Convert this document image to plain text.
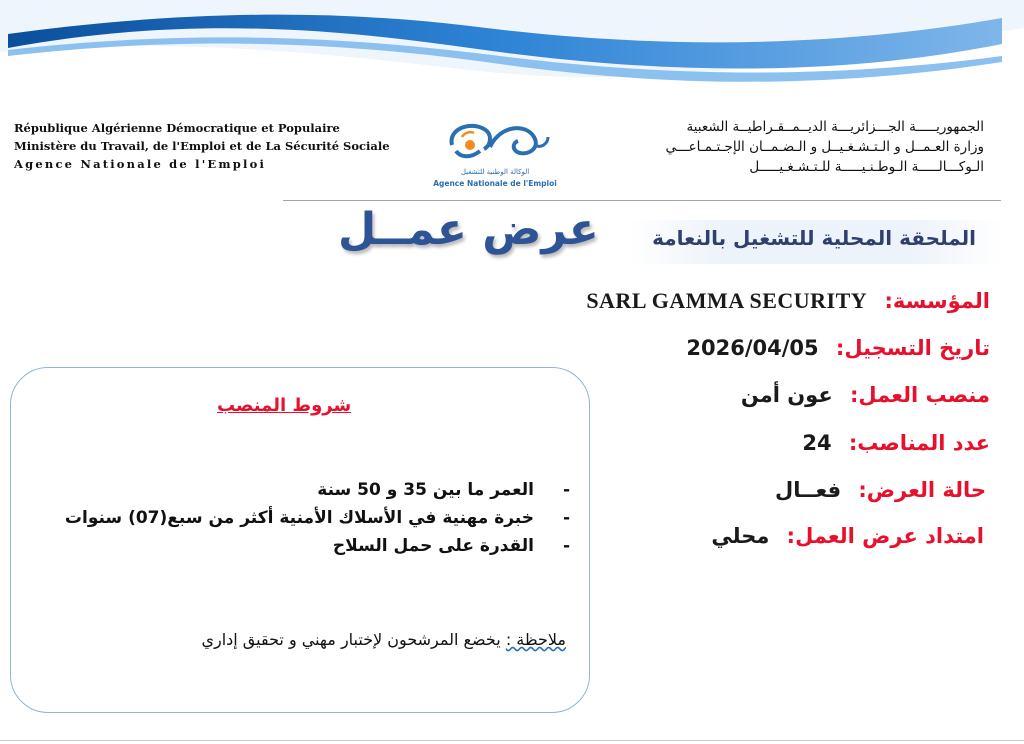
République Algérienne Démocratique et Populaire
Ministère du Travail, de l'Emploi et de La Sécurité Sociale
Agence Nationale de l'Emploi
الوكالة الوطنية للتشغيل
Agence Nationale de l'Emploi
الجمهوريـــــة الجـــزائريـــة الديــمــقـراطيــة الشعبية
وزارة العـمــل و الـتـشـغـيــل و الـضـمــان الإجـتـمـاعـــي
الـوكـــالـــــة الـوطـنـيـــــة للـتـشـغـيـــــل
الملحقة المحلية للتشغيل بالنعامة
عرض عمــل
المؤسسة: SARL GAMMA SECURITY
تاريخ التسجيل: 2026/04/05
منصب العمل: عون أمن
عدد المناصب: 24
حالة العرض: فعــال
امتداد عرض العمل: محلي
شروط المنصب
-العمر ما بين 35 و 50 سنة
-خبرة مهنية في الأسلاك الأمنية أكثر من سبع(07) سنوات
-القدرة على حمل السلاح
ملاحظة : يخضع المرشحون لإختبار مهني و تحقيق إداري
